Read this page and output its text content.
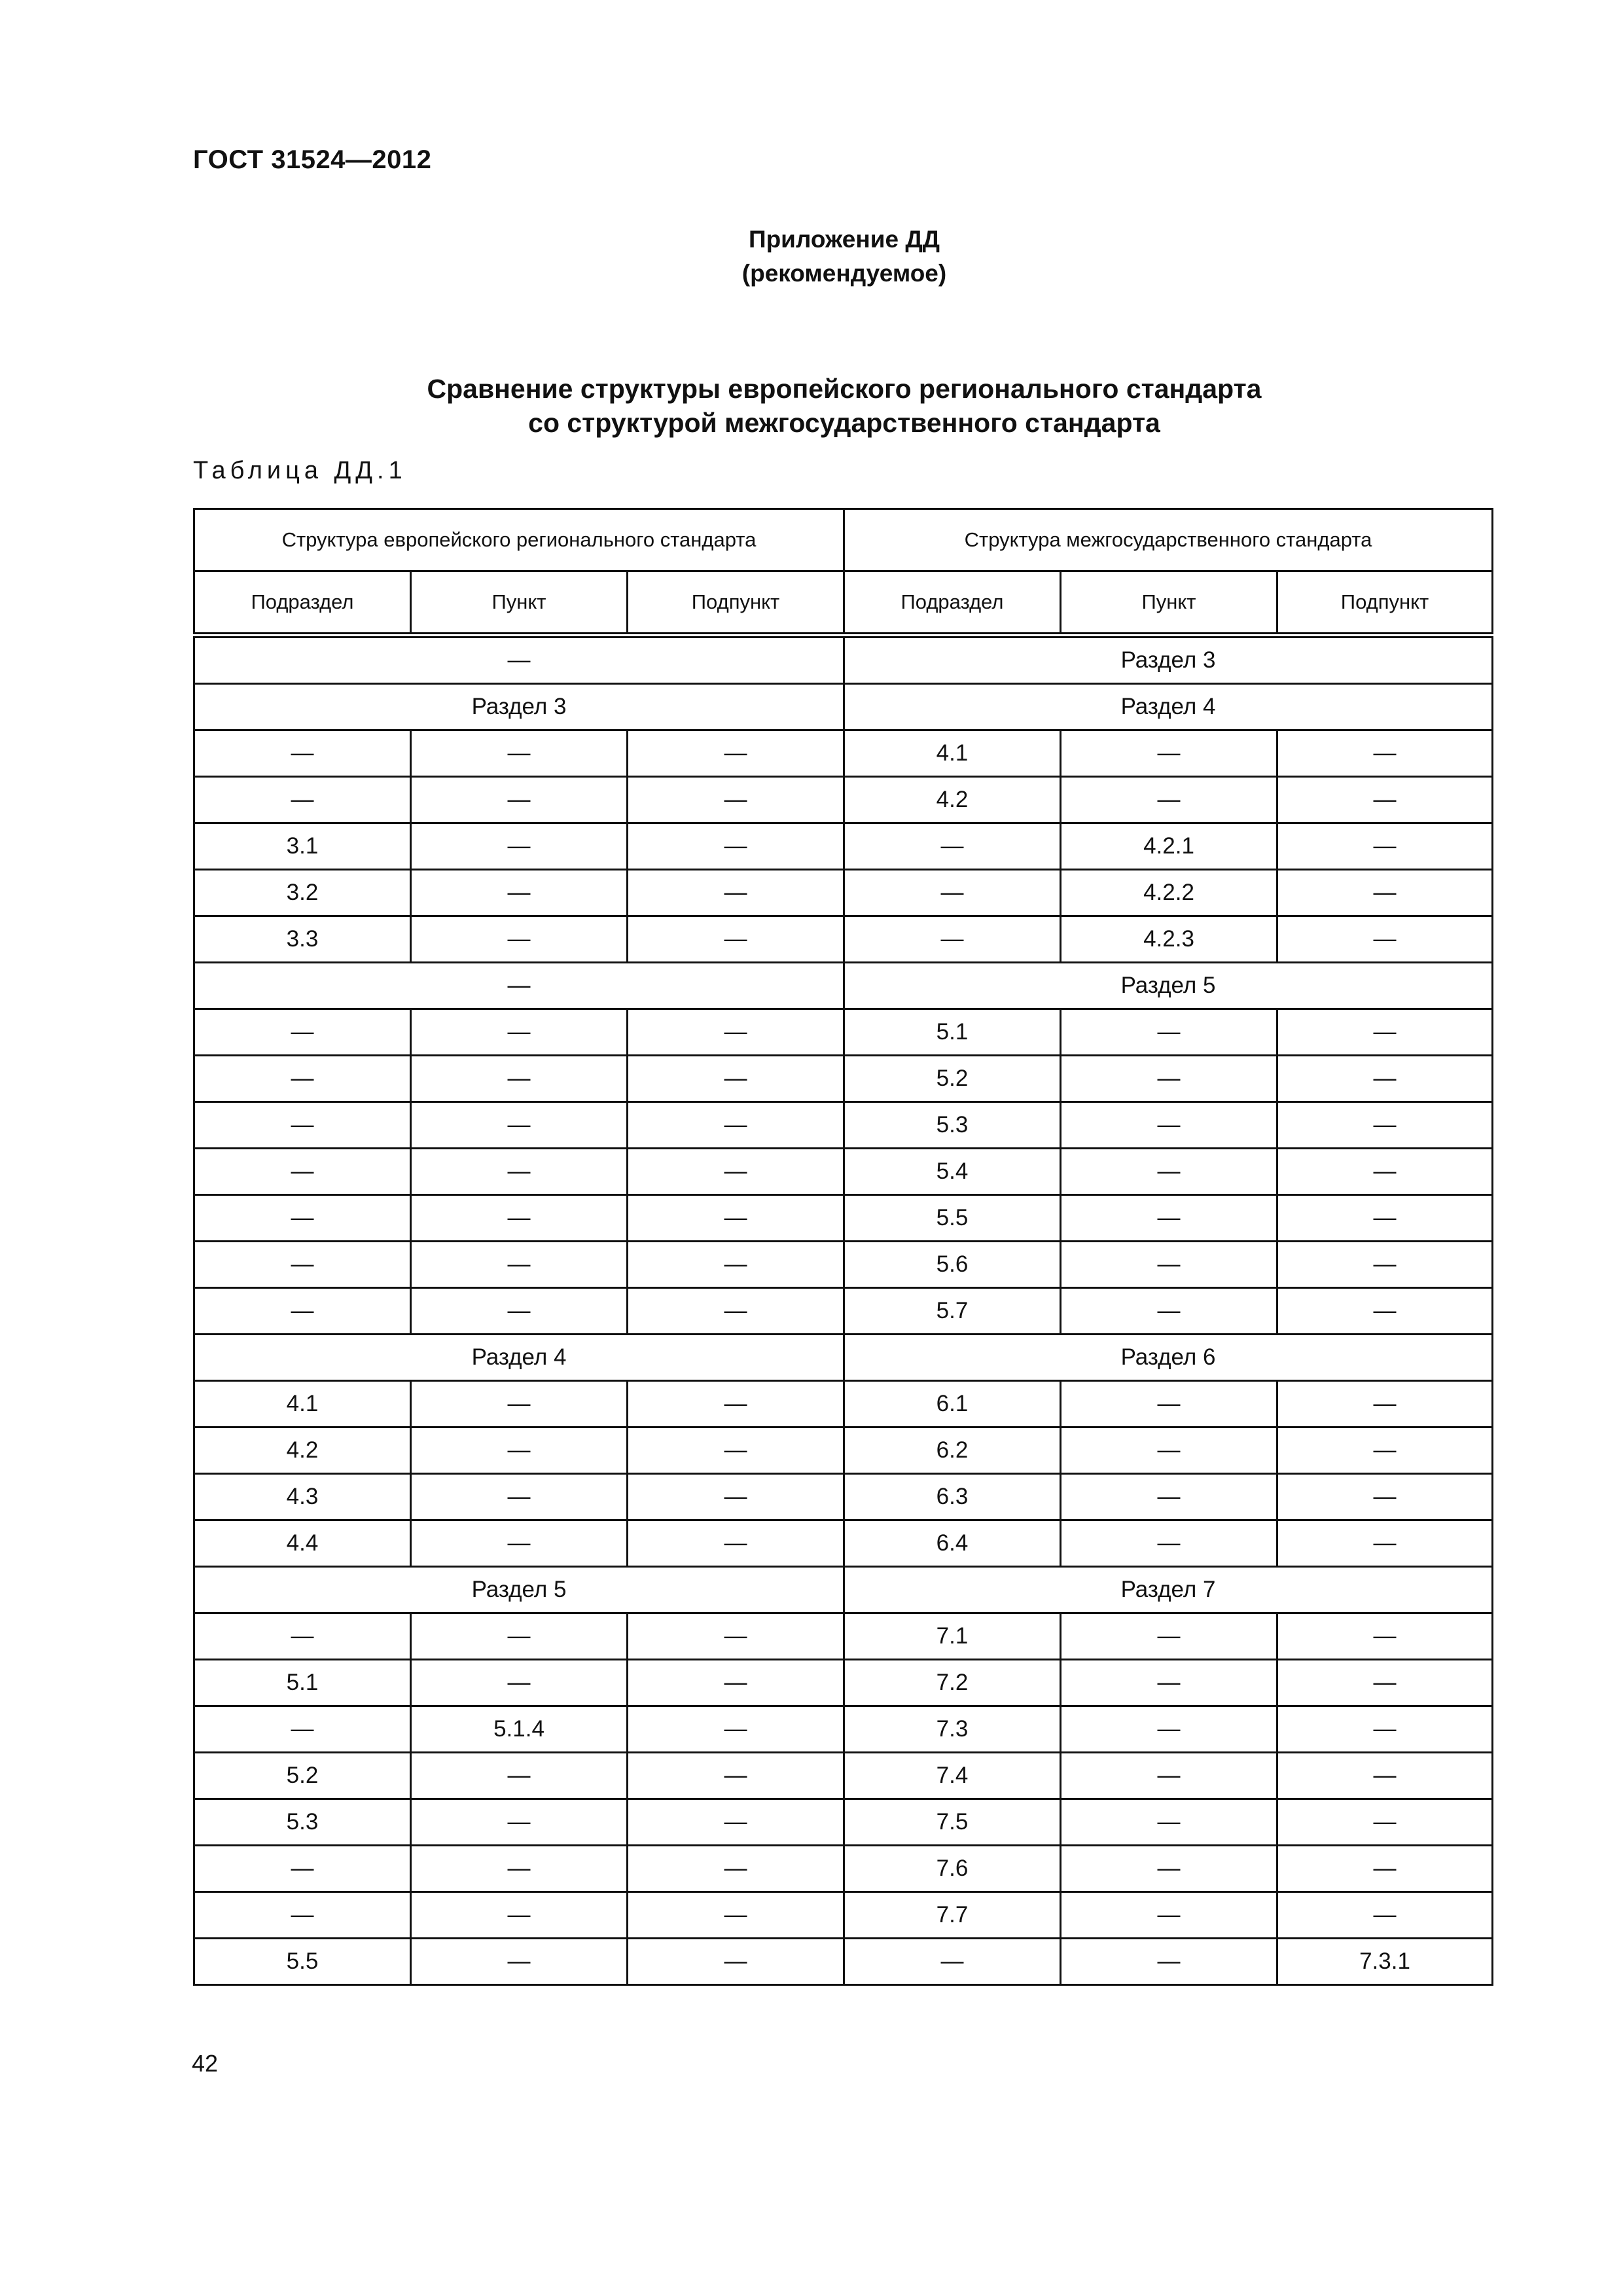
ГОСТ 31524—2012
Приложение ДД
(рекомендуемое)
Сравнение структуры европейского регионального стандарта
со структурой межгосударственного стандарта
Таблица ДД.1
Структура европейского регионального стандарта			Структура межгосударственного стандарта		
Подраздел	Пункт	Подпункт	Подраздел	Пункт	Подпункт
—			Раздел 3		
Раздел 3			Раздел 4		
—	—	—	4.1	—	—
—	—	—	4.2	—	—
3.1	—	—	—	4.2.1	—
3.2	—	—	—	4.2.2	—
3.3	—	—	—	4.2.3	—
—			Раздел 5		
—	—	—	5.1	—	—
—	—	—	5.2	—	—
—	—	—	5.3	—	—
—	—	—	5.4	—	—
—	—	—	5.5	—	—
—	—	—	5.6	—	—
—	—	—	5.7	—	—
Раздел 4			Раздел 6		
4.1	—	—	6.1	—	—
4.2	—	—	6.2	—	—
4.3	—	—	6.3	—	—
4.4	—	—	6.4	—	—
Раздел 5			Раздел 7		
—	—	—	7.1	—	—
5.1	—	—	7.2	—	—
—	5.1.4	—	7.3	—	—
5.2	—	—	7.4	—	—
5.3	—	—	7.5	—	—
—	—	—	7.6	—	—
—	—	—	7.7	—	—
5.5	—	—	—	—	7.3.1
42
